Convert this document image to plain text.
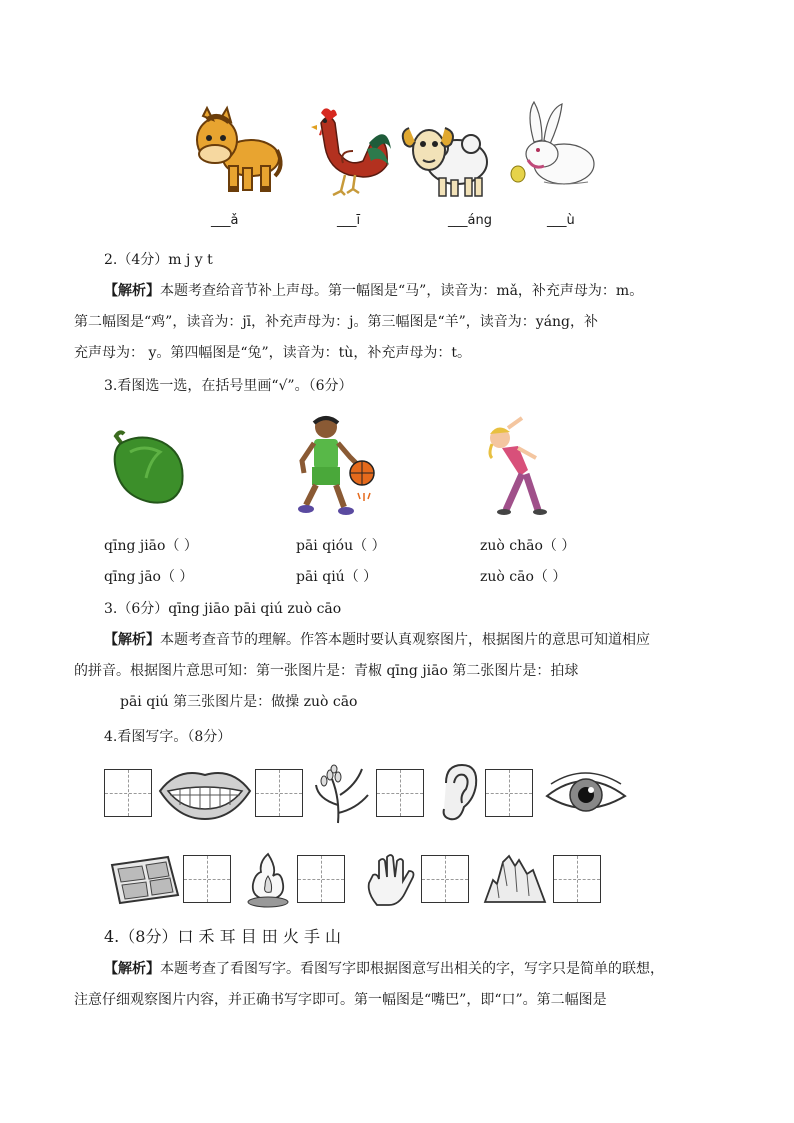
___ǎ	___ī	___áng	___ù
2.（4分）m j y t
【解析】本题考查给音节补上声母。第一幅图是“马”，读音为：mǎ，补充声母为：m。
第二幅图是“鸡”，读音为：jī，补充声母为：j。第三幅图是“羊”，读音为：yáng，补
充声母为： y。第四幅图是“兔”，读音为：tù，补充声母为：t。
3.看图选一选，在括号里画“√”。（6分）
qīng jiāo（ ）	pāi qióu（ ）	zuò chāo（ ）
qīng jāo（ ）	pāi qiú（ ）	zuò cāo（ ）
3.（6分）qīng jiāo pāi qiú zuò cāo
【解析】本题考查音节的理解。作答本题时要认真观察图片，根据图片的意思可知道相应
的拼音。根据图片意思可知：第一张图片是：青椒 qīng jiāo 第二张图片是：拍球
pāi qiú 第三张图片是：做操 zuò cāo
4.看图写字。（8分）
4.（8分）口 禾 耳 目 田 火 手 山
【解析】本题考查了看图写字。看图写字即根据图意写出相关的字，写字只是简单的联想，
注意仔细观察图片内容，并正确书写字即可。第一幅图是“嘴巴”，即“口”。第二幅图是
